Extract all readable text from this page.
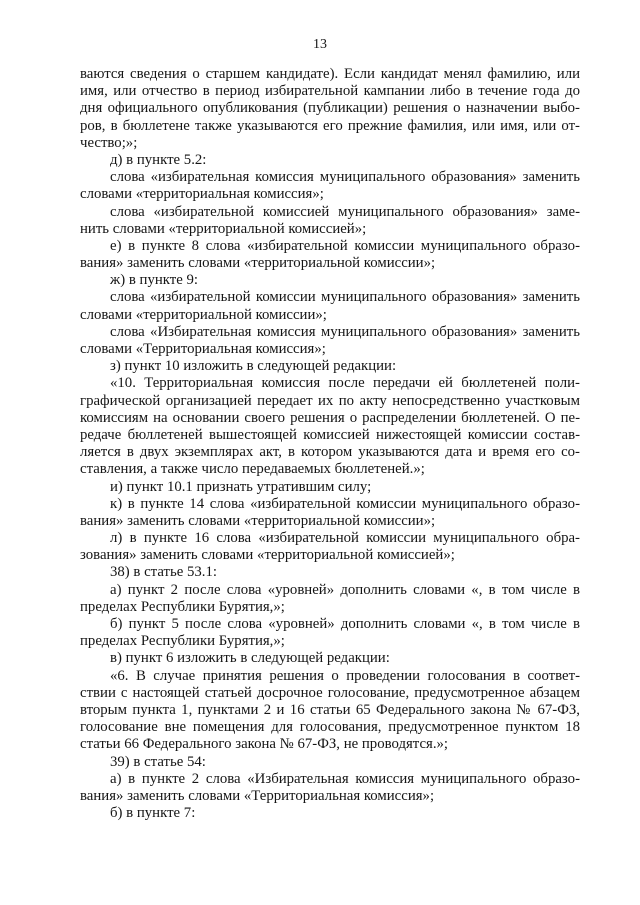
13
ваются сведения о старшем кандидате). Если кандидат менял фамилию, или
имя, или отчество в период избирательной кампании либо в течение года до
дня официального опубликования (публикации) решения о назначении выбо-
ров, в бюллетене также указываются его прежние фамилия, или имя, или от-
чество;»;
д) в пункте 5.2:
слова «избирательная комиссия муниципального образования» заменить
словами «территориальная комиссия»;
слова «избирательной комиссией муниципального образования» заме-
нить словами «территориальной комиссией»;
е) в пункте 8 слова «избирательной комиссии муниципального образо-
вания» заменить словами «территориальной комиссии»;
ж) в пункте 9:
слова «избирательной комиссии муниципального образования» заменить
словами «территориальной комиссии»;
слова «Избирательная комиссия муниципального образования» заменить
словами «Территориальная комиссия»;
з) пункт 10 изложить в следующей редакции:
«10. Территориальная комиссия после передачи ей бюллетеней поли-
графической организацией передает их по акту непосредственно участковым
комиссиям на основании своего решения о распределении бюллетеней. О пе-
редаче бюллетеней вышестоящей комиссией нижестоящей комиссии состав-
ляется в двух экземплярах акт, в котором указываются дата и время его со-
ставления, а также число передаваемых бюллетеней.»;
и) пункт 10.1 признать утратившим силу;
к) в пункте 14 слова «избирательной комиссии муниципального образо-
вания» заменить словами «территориальной комиссии»;
л) в пункте 16 слова «избирательной комиссии муниципального обра-
зования» заменить словами «территориальной комиссией»;
38) в статье 53.1:
а) пункт 2 после слова «уровней» дополнить словами «, в том числе в
пределах Республики Бурятия,»;
б) пункт 5 после слова «уровней» дополнить словами «, в том числе в
пределах Республики Бурятия,»;
в) пункт 6 изложить в следующей редакции:
«6. В случае принятия решения о проведении голосования в соответ-
ствии с настоящей статьей досрочное голосование, предусмотренное абзацем
вторым пункта 1, пунктами 2 и 16 статьи 65 Федерального закона № 67-ФЗ,
голосование вне помещения для голосования, предусмотренное пунктом 18
статьи 66 Федерального закона № 67-ФЗ, не проводятся.»;
39) в статье 54:
а) в пункте 2 слова «Избирательная комиссия муниципального образо-
вания» заменить словами «Территориальная комиссия»;
б) в пункте 7:
